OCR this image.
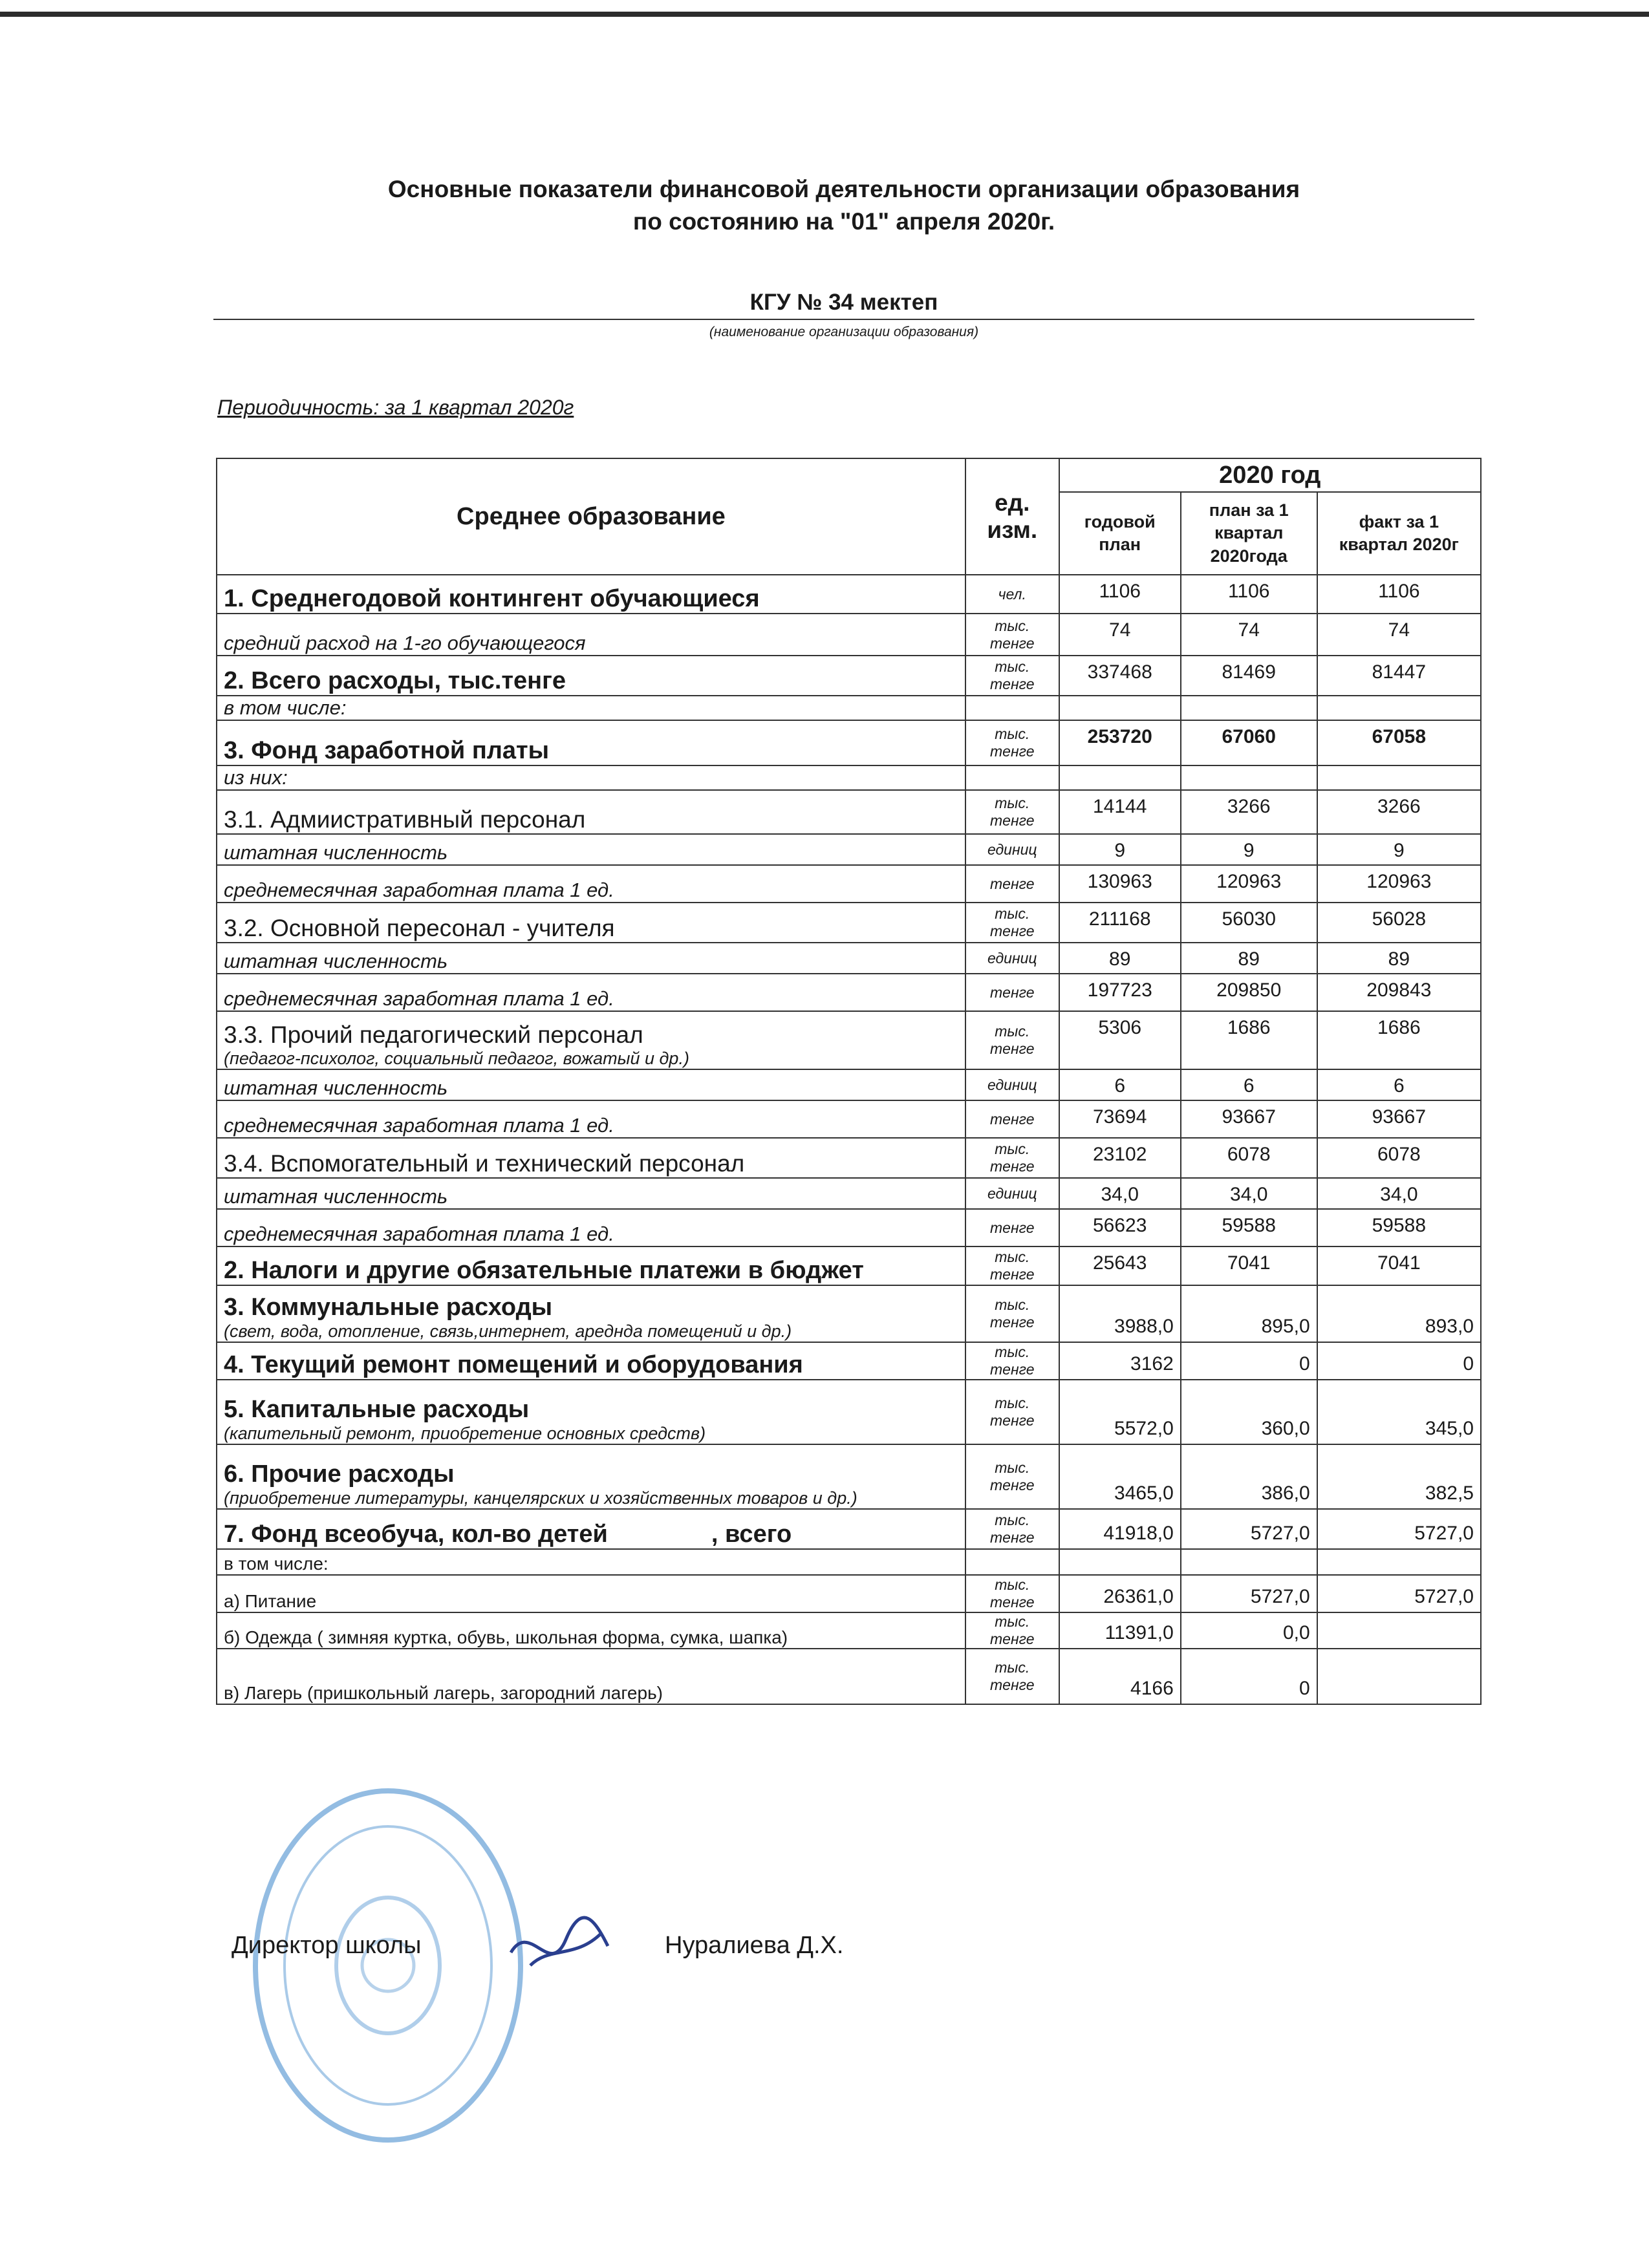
Основные показатели финансовой деятельности организации образования
по состоянию на "01" апреля 2020г.
КГУ № 34 мектеп
(наименование организации образования)
Периодичность: за 1 квартал 2020г
Среднее образование	ед. изм.	2020 год		
		годовой план	план за 1 квартал 2020года	факт за 1 квартал 2020г
1. Среднегодовой контингент обучающиеся	чел.	1106	1106	1106
средний расход на 1-го обучающегося	тыс. тенге	74	74	74
2. Всего расходы, тыс.тенге	тыс. тенге	337468	81469	81447
в том числе:				
3. Фонд заработной платы	тыс. тенге	253720	67060	67058
из них:				
3.1. Адмиистративный персонал	тыс. тенге	14144	3266	3266
штатная численность	единиц	9	9	9
среднемесячная заработная плата 1 ед.	тенге	130963	120963	120963
3.2. Основной пересонал - учителя	тыс. тенге	211168	56030	56028
штатная численность	единиц	89	89	89
среднемесячная заработная плата 1 ед.	тенге	197723	209850	209843

3.3. Прочий педагогический персонал
(педагог-психолог, социальный педагог, вожатый и др.)	тыс. тенге	5306	1686	1686
штатная численность	единиц	6	6	6
среднемесячная заработная плата 1 ед.	тенге	73694	93667	93667
3.4. Вспомогательный и технический персонал	тыс. тенге	23102	6078	6078
штатная численность	единиц	34,0	34,0	34,0
среднемесячная заработная плата 1 ед.	тенге	56623	59588	59588
2. Налоги и другие обязательные платежи в бюджет	тыс. тенге	25643	7041	7041

3. Коммунальные расходы
(свет, вода, отопление, связь,интернет, ареднда помещений и др.)	тыс. тенге	3988,0	895,0	893,0
4. Текущий ремонт помещений и оборудования	тыс. тенге	3162	0	0

5. Капитальные расходы
(капительный ремонт, приобретение основных средств)	тыс. тенге	5572,0	360,0	345,0

6. Прочие расходы
(приобретение литературы, канцелярских и хозяйственных товаров и др.)	тыс. тенге	3465,0	386,0	382,5
7. Фонд всеобуча, кол-во детей , всего	тыс. тенге	41918,0	5727,0	5727,0
в том числе:				
а) Питание	тыс. тенге	26361,0	5727,0	5727,0
б) Одежда ( зимняя куртка, обувь, школьная форма, сумка, шапка)	тыс. тенге	11391,0	0,0	
в) Лагерь (пришкольный лагерь, загородний лагерь)	тыс. тенге	4166	0	
Директор школы	Нуралиева Д.Х.
